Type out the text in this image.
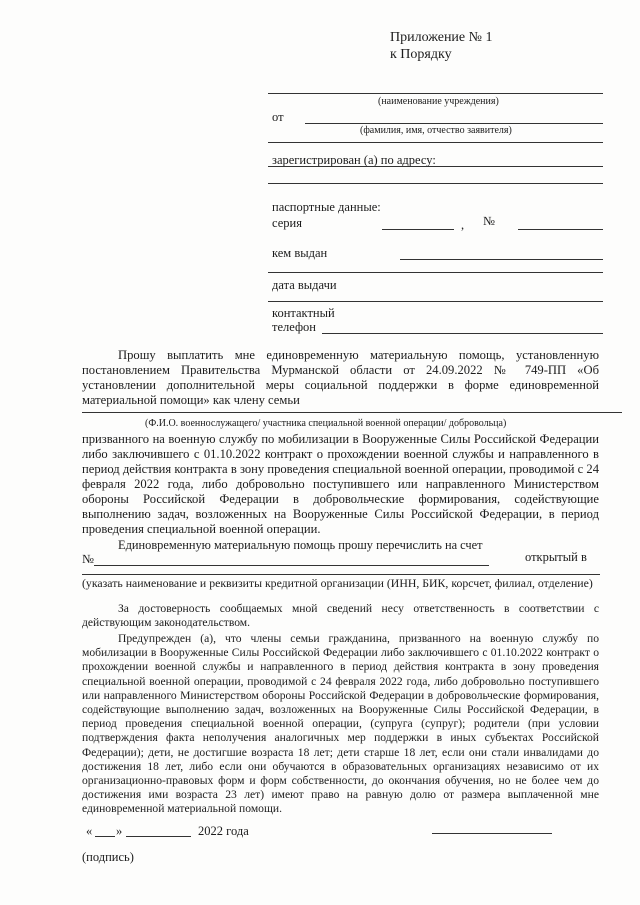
Приложение № 1
к Порядку
(наименование учреждения)
от
(фамилия, имя, отчество заявителя)
зарегистрирован (а) по адресу:
паспортные данные:
серия	, №
кем выдан
дата выдачи
контактный
телефон
Прошу выплатить мне единовременную материальную помощь, установленную постановлением Правительства Мурманской области от 24.09.2022 № 749-ПП «Об установлении дополнительной меры социальной поддержки в форме единовременной материальной помощи» как члену семьи
(Ф.И.О. военнослужащего/ участника специальной военной операции/ добровольца)
призванного на военную службу по мобилизации в Вооруженные Силы Российской Федерации либо заключившего с 01.10.2022 контракт о прохождении военной службы и направленного в период действия контракта в зону проведения специальной военной операции, проводимой с 24 февраля 2022 года, либо добровольно поступившего или направленного Министерством обороны Российской Федерации в добровольческие формирования, содействующие выполнению задач, возложенных на Вооруженные Силы Российской Федерации, в период проведения специальной военной операции.
Единовременную материальную помощь прошу перечислить на счет
№	открытый в
(указать наименование и реквизиты кредитной организации (ИНН, БИК, корсчет, филиал, отделение)
За достоверность сообщаемых мной сведений несу ответственность в соответствии с действующим законодательством.
Предупрежден (а), что члены семьи гражданина, призванного на военную службу по мобилизации в Вооруженные Силы Российской Федерации либо заключившего с 01.10.2022 контракт о прохождении военной службы и направленного в период действия контракта в зону проведения специальной военной операции, проводимой с 24 февраля 2022 года, либо добровольно поступившего или направленного Министерством обороны Российской Федерации в добровольческие формирования, содействующие выполнению задач, возложенных на Вооруженные Силы Российской Федерации, в период проведения специальной военной операции, (супруга (супруг); родители (при условии подтверждения факта неполучения аналогичных мер поддержки в иных субъектах Российской Федерации); дети, не достигшие возраста 18 лет; дети старше 18 лет, если они стали инвалидами до достижения 18 лет, либо если они обучаются в образовательных организациях независимо от их организационно-правовых форм и форм собственности, до окончания обучения, но не более чем до достижения ими возраста 23 лет) имеют право на равную долю от размера выплаченной мне единовременной материальной помощи.
« »	2022 года
(подпись)
